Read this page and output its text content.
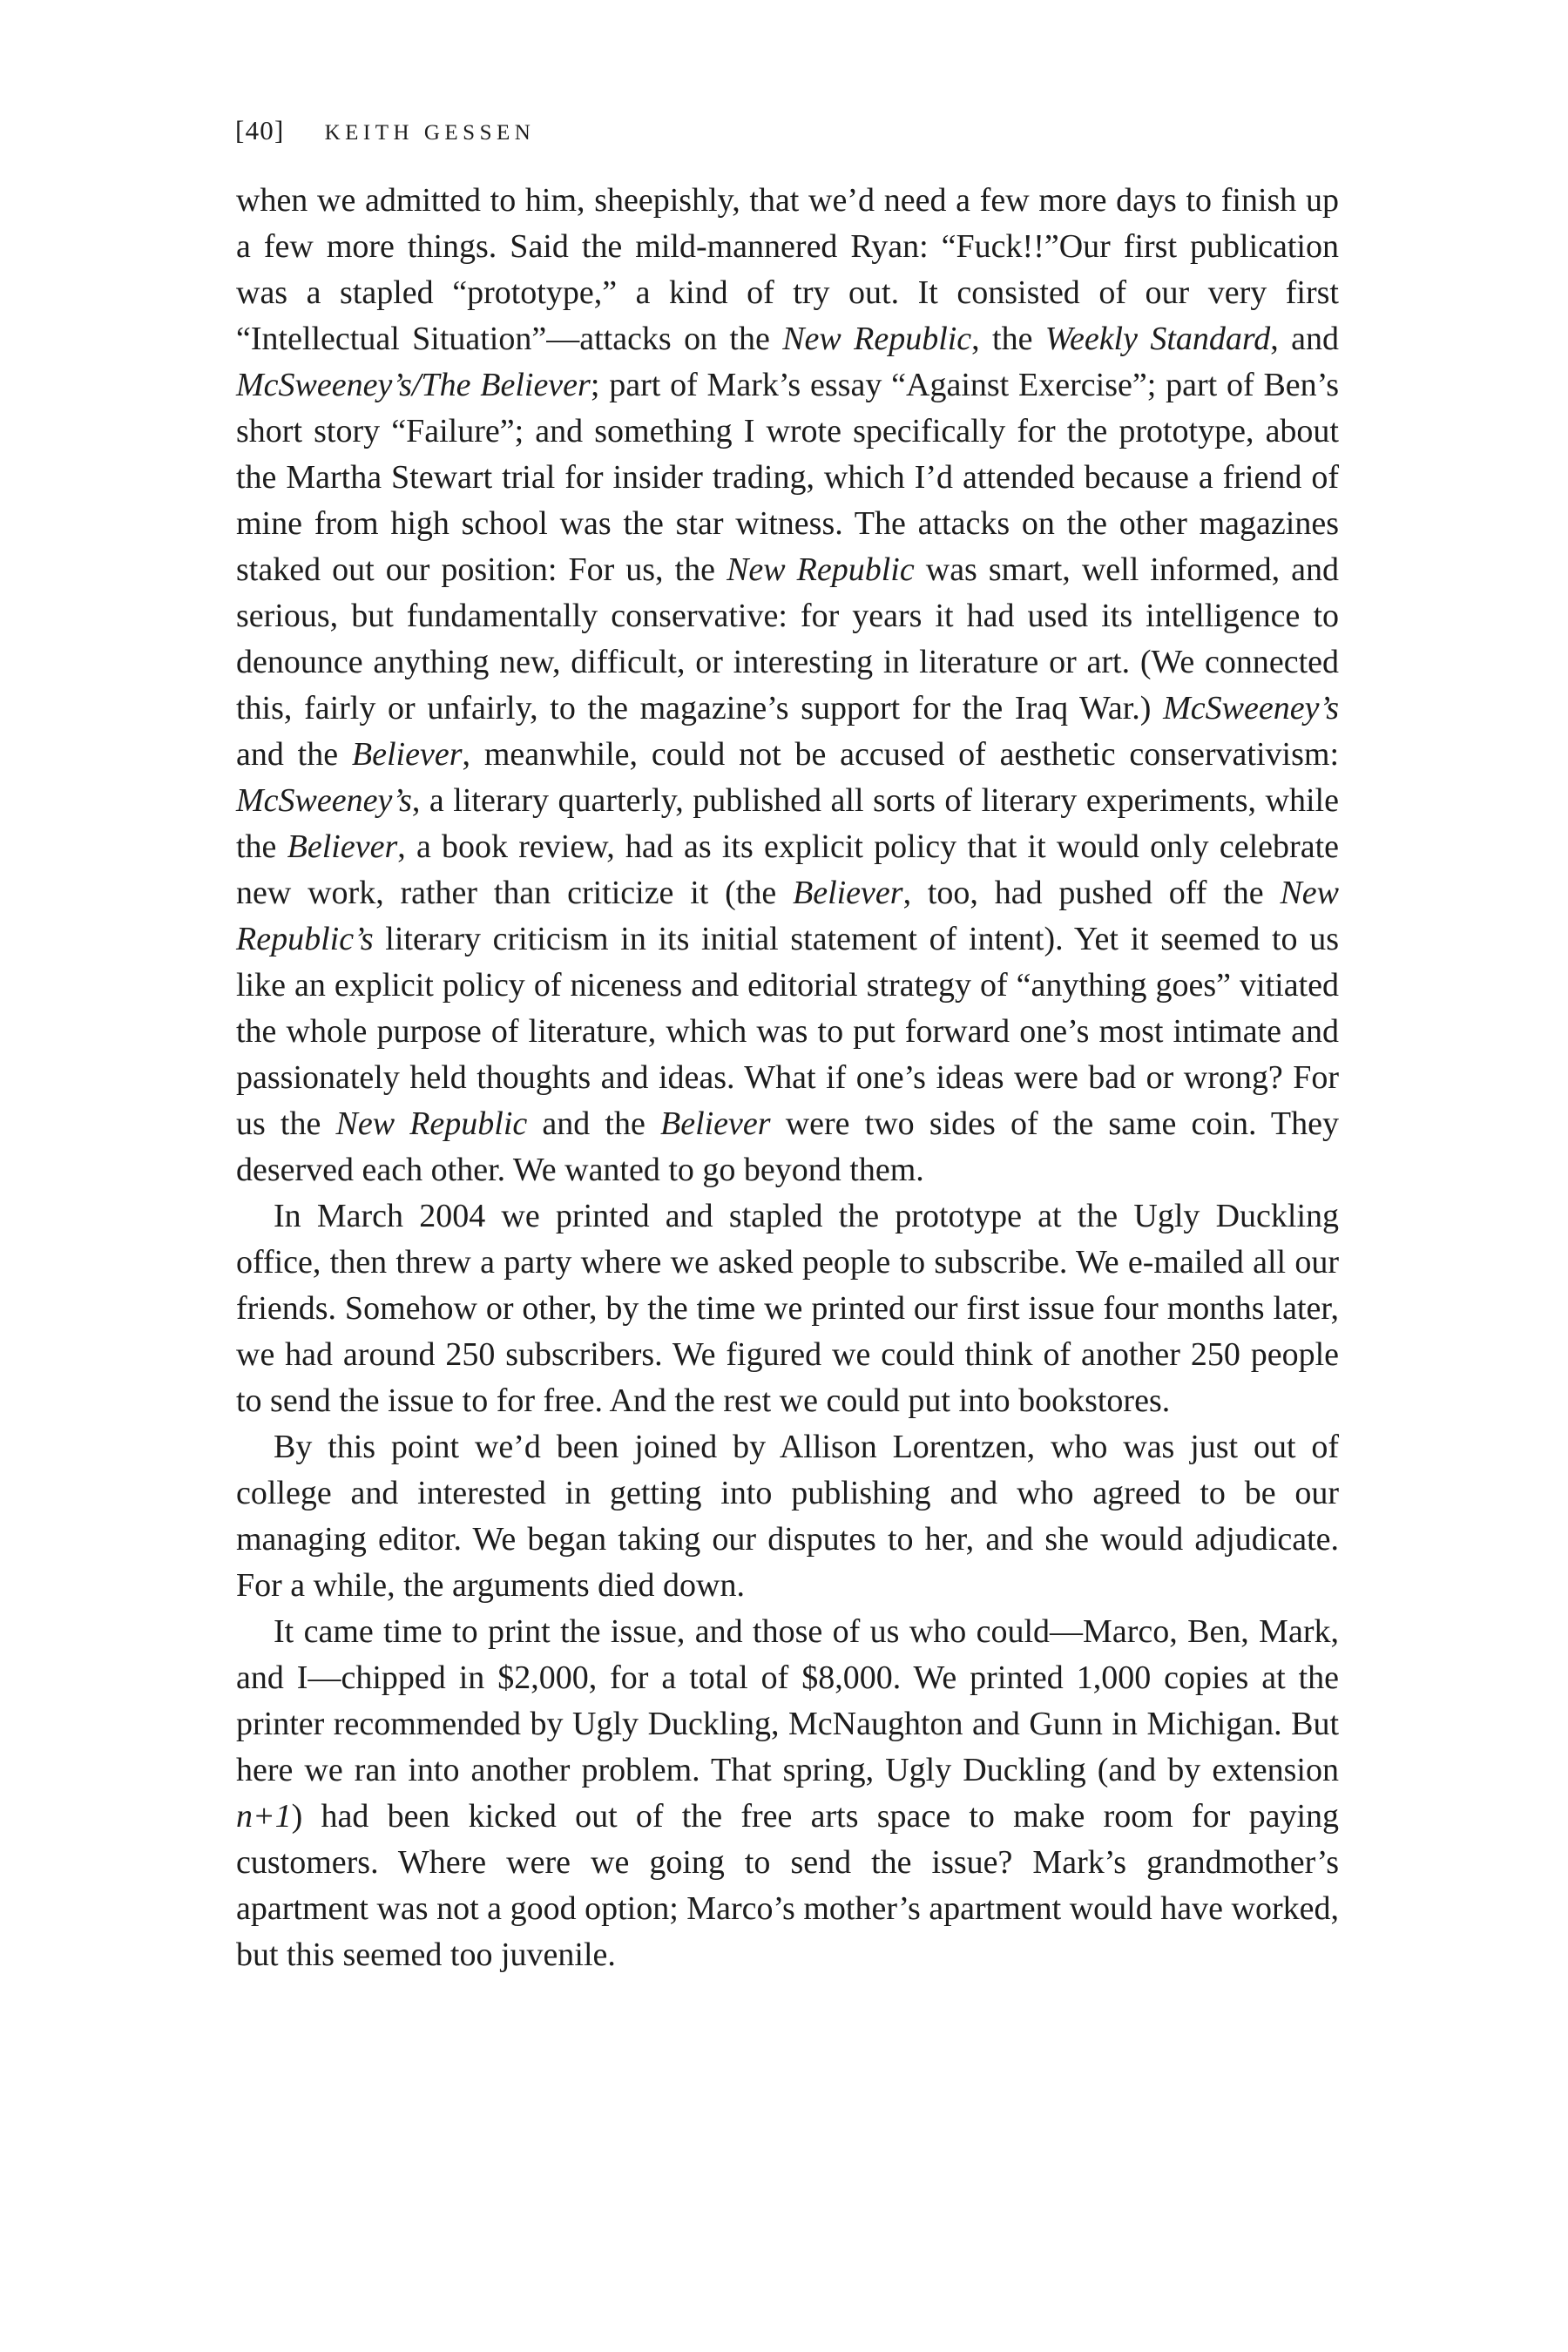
[40] KEITH GESSEN

when we admitted to him, sheepishly, that we’d need a few more days to finish up a few more things. Said the mild-mannered Ryan: “Fuck!!”Our first publication was a stapled “prototype,” a kind of try out. It consisted of our very first “Intellectual Situation”—attacks on the New Republic, the Weekly Standard, and McSweeney’s/The Believer; part of Mark’s essay “Against Exercise”; part of Ben’s short story “Failure”; and something I wrote specifically for the prototype, about the Martha Stewart trial for insider trading, which I’d attended because a friend of mine from high school was the star witness. The attacks on the other magazines staked out our position: For us, the New Republic was smart, well informed, and serious, but fundamentally conservative: for years it had used its intelligence to denounce anything new, difficult, or interesting in literature or art. (We connected this, fairly or unfairly, to the magazine’s support for the Iraq War.) McSweeney’s and the Believer, meanwhile, could not be accused of aesthetic conservativism: McSweeney’s, a literary quarterly, published all sorts of literary experiments, while the Believer, a book review, had as its explicit policy that it would only celebrate new work, rather than criticize it (the Believer, too, had pushed off the New Republic’s literary criticism in its initial statement of intent). Yet it seemed to us like an explicit policy of niceness and editorial strategy of “anything goes” vitiated the whole purpose of literature, which was to put forward one’s most intimate and passionately held thoughts and ideas. What if one’s ideas were bad or wrong? For us the New Republic and the Believer were two sides of the same coin. They deserved each other. We wanted to go beyond them.

In March 2004 we printed and stapled the prototype at the Ugly Duckling office, then threw a party where we asked people to subscribe. We e-mailed all our friends. Somehow or other, by the time we printed our first issue four months later, we had around 250 subscribers. We figured we could think of another 250 people to send the issue to for free. And the rest we could put into bookstores.

By this point we’d been joined by Allison Lorentzen, who was just out of college and interested in getting into publishing and who agreed to be our managing editor. We began taking our disputes to her, and she would adjudicate. For a while, the arguments died down.

It came time to print the issue, and those of us who could—Marco, Ben, Mark, and I—chipped in $2,000, for a total of $8,000. We printed 1,000 copies at the printer recommended by Ugly Duckling, McNaughton and Gunn in Michigan. But here we ran into another problem. That spring, Ugly Duckling (and by extension n+1) had been kicked out of the free arts space to make room for paying customers. Where were we going to send the issue? Mark’s grandmother’s apartment was not a good option; Marco’s mother’s apartment would have worked, but this seemed too juvenile.
